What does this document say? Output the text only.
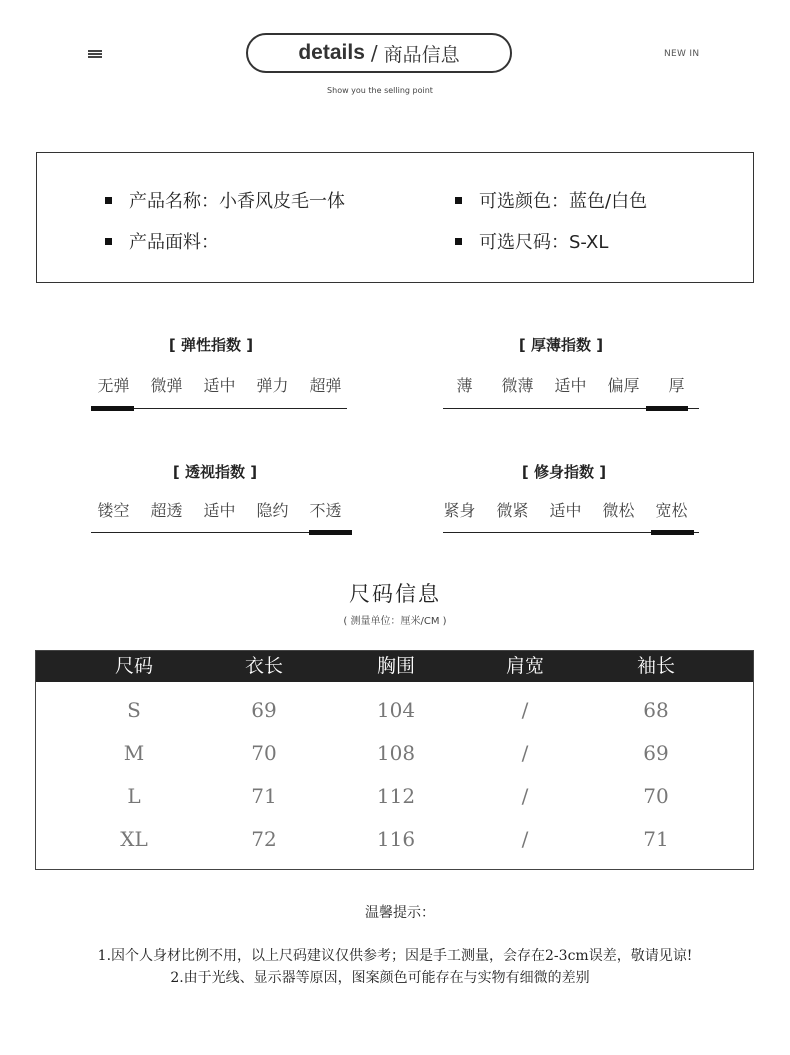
details / 商品信息
Show you the selling point
NEW IN
产品名称：小香风皮毛一体
产品面料：
可选颜色：蓝色/白色
可选尺码：S-XL
[ 弹性指数 ]
无弹	微弹	适中	弹力	超弹
[ 厚薄指数 ]
薄	微薄	适中	偏厚	厚
[ 透视指数 ]
镂空	超透	适中	隐约	不透
[ 修身指数 ]
紧身	微紧	适中	微松	宽松
尺码信息
( 测量单位：厘米/CM )
尺码	衣长	胸围	肩宽	袖长
S	69	104	/	68
M	70	108	/	69
L	71	112	/	70
XL	72	116	/	71
温馨提示：
1.因个人身材比例不用，以上尺码建议仅供参考；因是手工测量，会存在2-3cm误差，敬请见谅!
2.由于光线、显示器等原因，图案颜色可能存在与实物有细微的差别
